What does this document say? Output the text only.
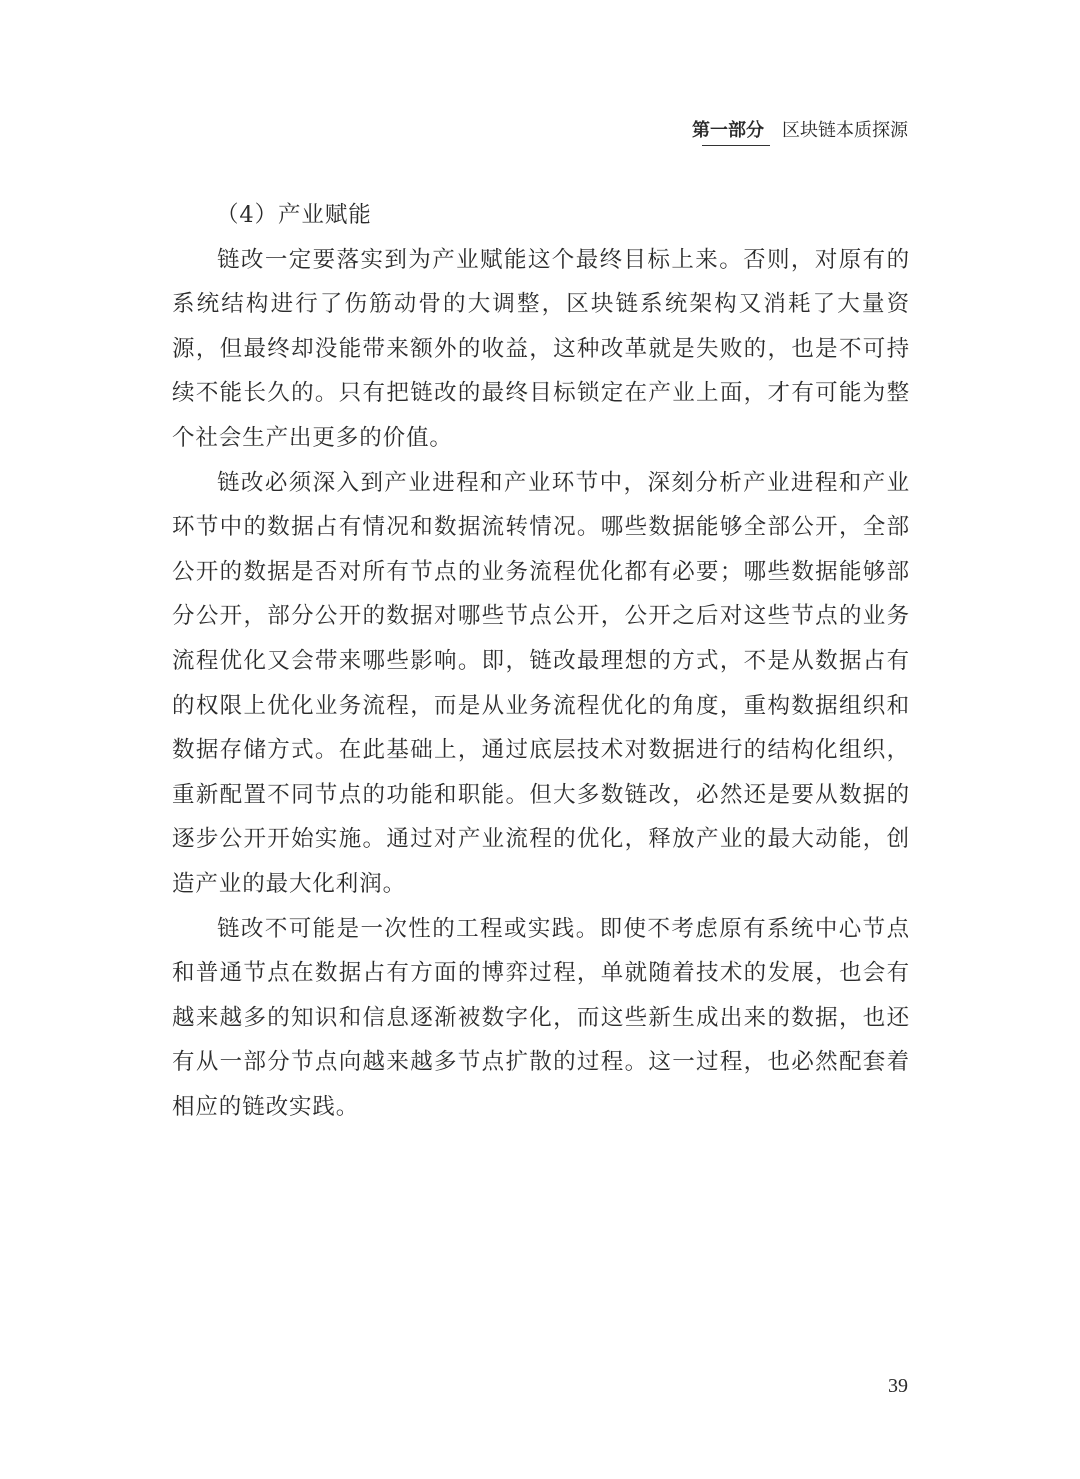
第一部分 区块链本质探源

（4）产业赋能

链改一定要落实到为产业赋能这个最终目标上来。否则，对原有的系统结构进行了伤筋动骨的大调整，区块链系统架构又消耗了大量资源，但最终却没能带来额外的收益，这种改革就是失败的，也是不可持续不能长久的。只有把链改的最终目标锁定在产业上面，才有可能为整个社会生产出更多的价值。

链改必须深入到产业进程和产业环节中，深刻分析产业进程和产业环节中的数据占有情况和数据流转情况。哪些数据能够全部公开，全部公开的数据是否对所有节点的业务流程优化都有必要；哪些数据能够部分公开，部分公开的数据对哪些节点公开，公开之后对这些节点的业务流程优化又会带来哪些影响。即，链改最理想的方式，不是从数据占有的权限上优化业务流程，而是从业务流程优化的角度，重构数据组织和数据存储方式。在此基础上，通过底层技术对数据进行的结构化组织，重新配置不同节点的功能和职能。但大多数链改，必然还是要从数据的逐步公开开始实施。通过对产业流程的优化，释放产业的最大动能，创造产业的最大化利润。

链改不可能是一次性的工程或实践。即使不考虑原有系统中心节点和普通节点在数据占有方面的博弈过程，单就随着技术的发展，也会有越来越多的知识和信息逐渐被数字化，而这些新生成出来的数据，也还有从一部分节点向越来越多节点扩散的过程。这一过程，也必然配套着相应的链改实践。

39
